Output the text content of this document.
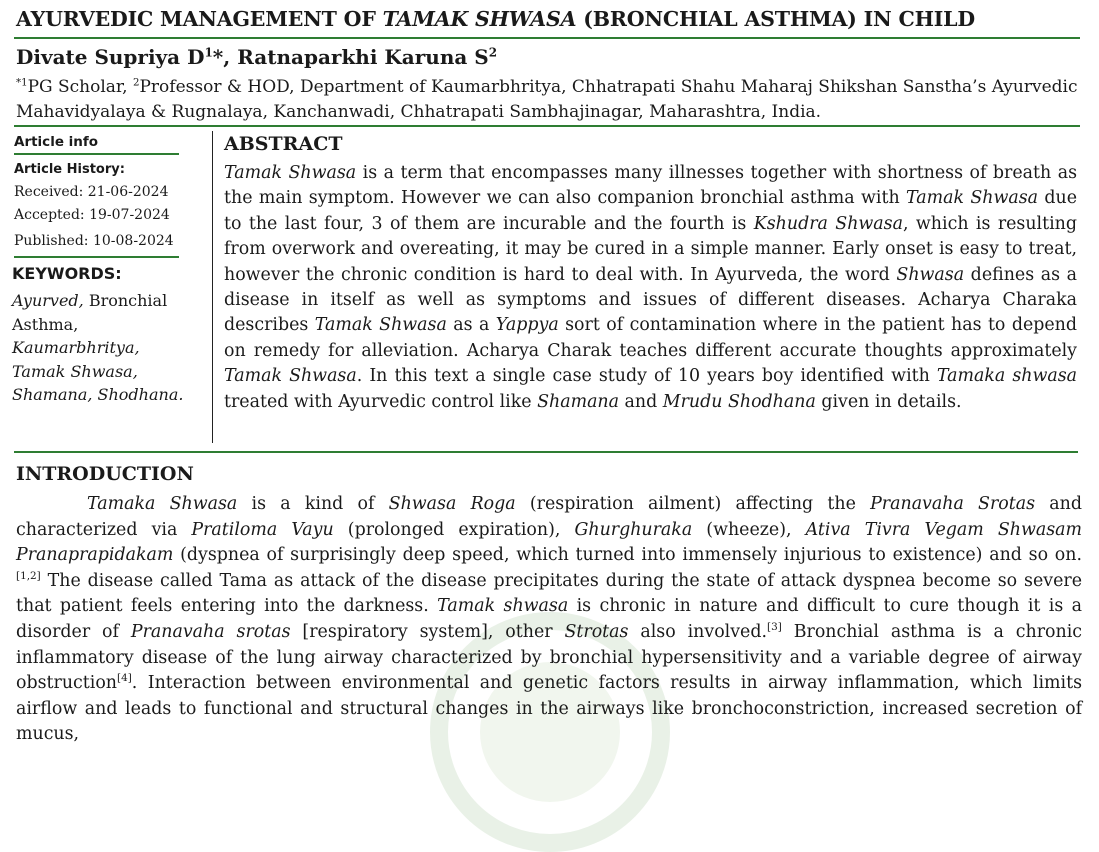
AYURVEDIC MANAGEMENT OF TAMAK SHWASA (BRONCHIAL ASTHMA) IN CHILD
Divate Supriya $D^1*$, Ratnaparkhi Karuna $S^2$
$^{*1}$PG Scholar, $^2$Professor & HOD, Department of Kaumarbhritya, Chhatrapati Shahu Maharaj Shikshan Sanstha’s Ayurvedic Mahavidyalaya & Rugnalaya, Kanchanwadi, Chhatrapati Sambhajinagar, Maharashtra, India.
Article info
Article History:
Received: 21-06-2024
Accepted: 19-07-2024
Published: 10-08-2024
KEYWORDS:
Ayurved, Bronchial Asthma,
Kaumarbhritya, Tamak Shwasa, Shamana, Shodhana.
ABSTRACT
Tamak Shwasa is a term that encompasses many illnesses together with shortness of breath as the main symptom. However we can also companion bronchial asthma with Tamak Shwasa due to the last four, 3 of them are incurable and the fourth is Kshudra Shwasa, which is resulting from overwork and overeating, it may be cured in a simple manner. Early onset is easy to treat, however the chronic condition is hard to deal with. In Ayurveda, the word Shwasa defines as a disease in itself as well as symptoms and issues of different diseases. Acharya Charaka describes Tamak Shwasa as a Yappya sort of contamination where in the patient has to depend on remedy for alleviation. Acharya Charak teaches different accurate thoughts approximately Tamak Shwasa. In this text a single case study of 10 years boy identified with Tamaka shwasa treated with Ayurvedic control like Shamana and Mrudu Shodhana given in details.
INTRODUCTION
Tamaka Shwasa is a kind of Shwasa Roga (respiration ailment) affecting the Pranavaha Srotas and characterized via Pratiloma Vayu (prolonged expiration), Ghurghuraka (wheeze), Ativa Tivra Vegam Shwasam Pranaprapidakam (dyspnea of surprisingly deep speed, which turned into immensely injurious to existence) and so on. [1,2] The disease called Tama as attack of the disease precipitates during the state of attack dyspnea become so severe that patient feels entering into the darkness. Tamak shwasa is chronic in nature and difficult to cure though it is a disorder of Pranavaha srotas [respiratory system], other Strotas also involved.[3] Bronchial asthma is a chronic inflammatory disease of the lung airway characterized by bronchial hypersensitivity and a variable degree of airway obstruction[4]. Interaction between environmental and genetic factors results in airway inflammation, which limits airflow and leads to functional and structural changes in the airways like bronchoconstriction, increased secretion of mucus,
